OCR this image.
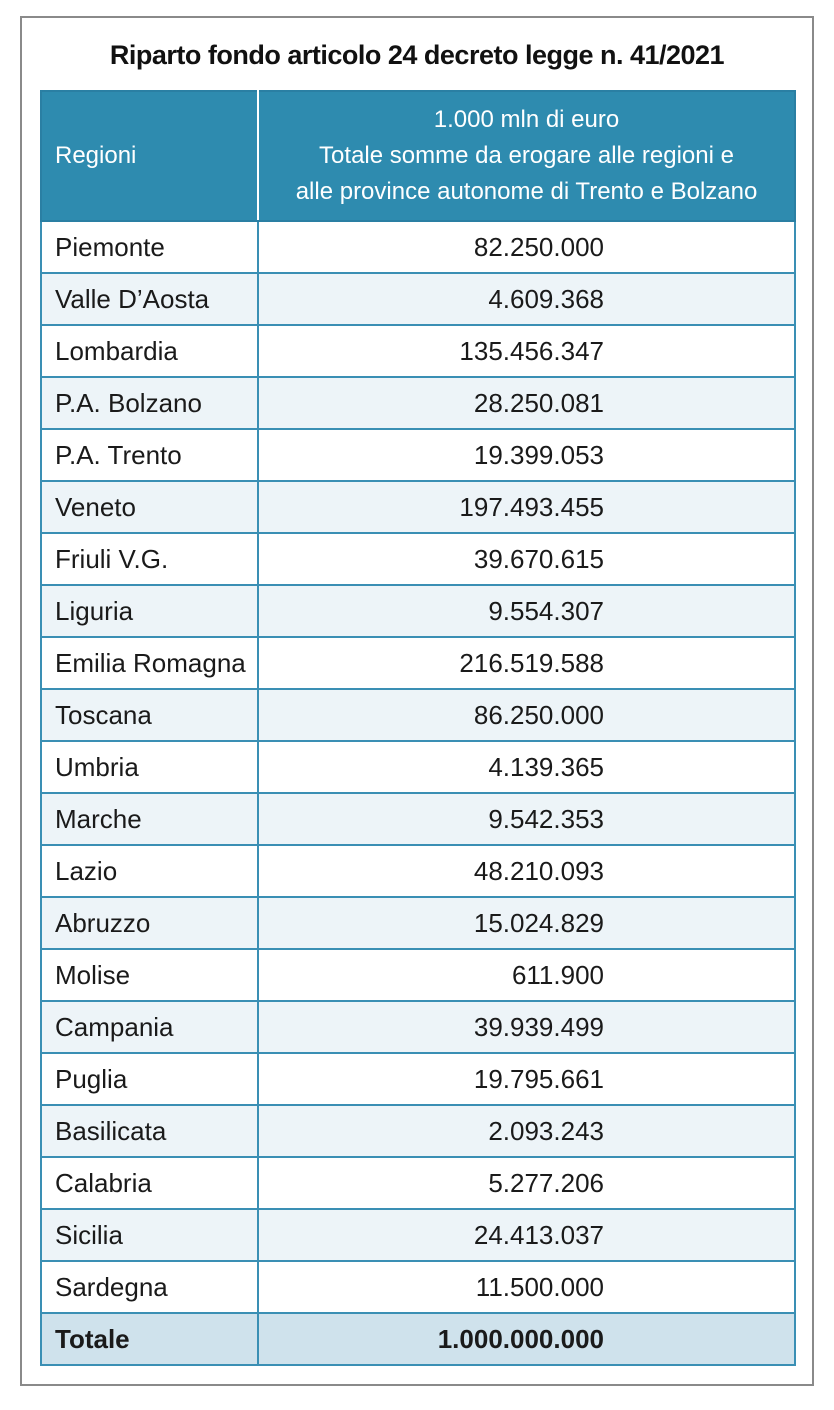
Riparto fondo articolo 24 decreto legge n. 41/2021
Regioni	1.000 mln di euro
Totale somme da erogare alle regioni e
alle province autonome di Trento e Bolzano

Piemonte	82.250.000
Valle D’Aosta	4.609.368
Lombardia	135.456.347
P.A. Bolzano	28.250.081
P.A. Trento	19.399.053
Veneto	197.493.455
Friuli V.G.	39.670.615
Liguria	9.554.307
Emilia Romagna	216.519.588
Toscana	86.250.000
Umbria	4.139.365
Marche	9.542.353
Lazio	48.210.093
Abruzzo	15.024.829
Molise	611.900
Campania	39.939.499
Puglia	19.795.661
Basilicata	2.093.243
Calabria	5.277.206
Sicilia	24.413.037
Sardegna	11.500.000
Totale	1.000.000.000
